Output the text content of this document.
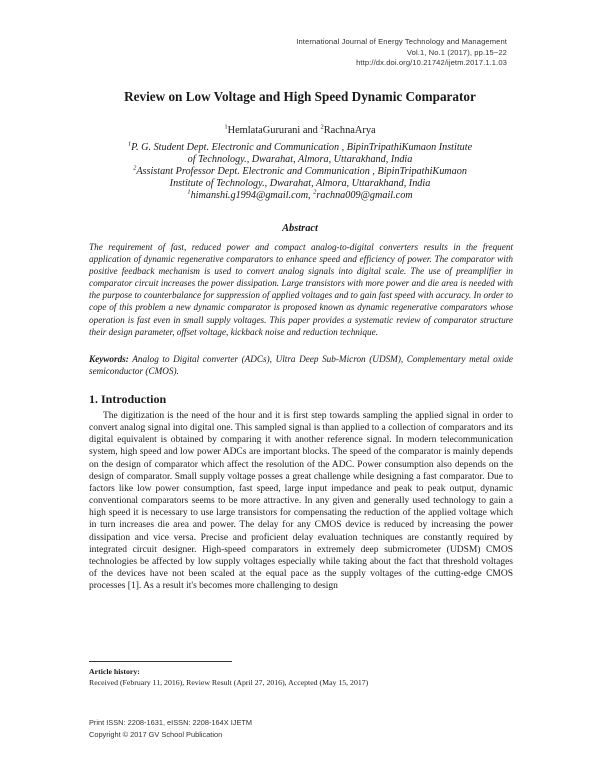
International Journal of Energy Technology and Management
Vol.1, No.1 (2017), pp.15~22
http://dx.doi.org/10.21742/ijetm.2017.1.1.03
Review on Low Voltage and High Speed Dynamic Comparator
$^1$HemlataGururani and $^2$RachnaArya
$^1$P. G. Student Dept. Electronic and Communication , BipinTripathiKumaon Institute
of Technology., Dwarahat, Almora, Uttarakhand, India
$^2$Assistant Professor Dept. Electronic and Communication , BipinTripathiKumaon
Institute of Technology., Dwarahat, Almora, Uttarakhand, India
$^1$himanshi.g1994@gmail.com, $^2$rachna009@gmail.com
Abstract
The requirement of fast, reduced power and compact analog-to-digital converters results in the frequent application of dynamic regenerative comparators to enhance speed and efficiency of power. The comparator with positive feedback mechanism is used to convert analog signals into digital scale. The use of preamplifier in comparator circuit increases the power dissipation. Large transistors with more power and die area is needed with the purpose to counterbalance for suppression of applied voltages and to gain fast speed with accuracy. In order to cope of this problem a new dynamic comparator is proposed known as dynamic regenerative comparators whose operation is fast even in small supply voltages. This paper provides a systematic review of comparator structure their design parameter, offset voltage, kickback noise and reduction technique.
Keywords: Analog to Digital converter (ADCs), Ultra Deep Sub-Micron (UDSM), Complementary metal oxide semiconductor (CMOS).
1. Introduction
The digitization is the need of the hour and it is first step towards sampling the applied signal in order to convert analog signal into digital one. This sampled signal is than applied to a collection of comparators and its digital equivalent is obtained by comparing it with another reference signal. In modern telecommunication system, high speed and low power ADCs are important blocks. The speed of the comparator is mainly depends on the design of comparator which affect the resolution of the ADC. Power consumption also depends on the design of comparator. Small supply voltage posses a great challenge while designing a fast comparator. Due to factors like low power consumption, fast speed, large input impedance and peak to peak output, dynamic conventional comparators seems to be more attractive. In any given and generally used technology to gain a high speed it is necessary to use large transistors for compensating the reduction of the applied voltage which in turn increases die area and power. The delay for any CMOS device is reduced by increasing the power dissipation and vice versa. Precise and proficient delay evaluation techniques are constantly required by integrated circuit designer. High-speed comparators in extremely deep submicrometer (UDSM) CMOS technologies be affected by low supply voltages especially while taking about the fact that threshold voltages of the devices have not been scaled at the equal pace as the supply voltages of the cutting-edge CMOS processes [1]. As a result it's becomes more challenging to design
Article history:
Received (February 11, 2016), Review Result (April 27, 2016), Accepted (May 15, 2017)
Print ISSN: 2208-1631, eISSN: 2208-164X IJETM
Copyright © 2017 GV School Publication
